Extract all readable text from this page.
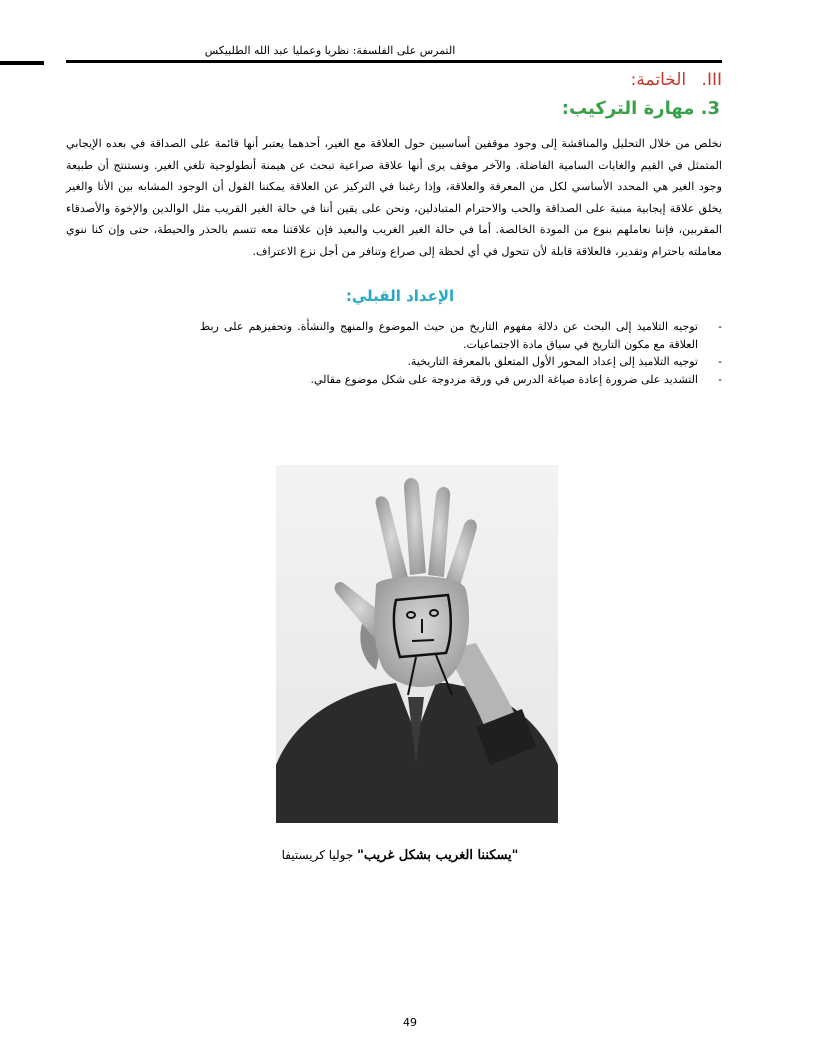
التمرس على الفلسفة: نظريا وعمليا عبد الله الطلبيكس
III. الخاتمة:
3. مهارة التركيب:
نخلص من خلال التحليل والمناقشة إلى وجود موقفين أساسيين حول العلاقة مع الغير، أحدهما يعتبر أنها قائمة على الصداقة في بعده الإيجابي المتمثل في القيم والغايات السامية الفاضلة. والآخر موقف يرى أنها علاقة صراعية تبحث عن هيمنة أنطولوجية تلغي الغير. ونستنتج أن طبيعة وجود الغير هي المحدد الأساسي لكل من المعرفة والعلاقة، وإذا رغبنا في التركيز عن العلاقة يمكننا القول أن الوجود المشابه بين الأنا والغير يخلق علاقة إيجابية مبنية على الصداقة والحب والاحترام المتبادلين، ونحن على يقين أننا في حالة الغير القريب مثل الوالدين والإخوة والأصدقاء المقربين، فإننا نعاملهم بنوع من المودة الخالصة. أما في حالة الغير الغريب والبعيد فإن علاقتنا معه تتسم بالحذر والحيطة، حتى وإن كنا ننوي معاملته باحترام وتقدير، فالعلاقة قابلة لأن تتحول في أي لحظة إلى صراع وتنافر من أجل نزع الاعتراف.
الإعداد القبلي:
-
توجيه التلاميذ إلى البحث عن دلالة مفهوم التاريخ من حيث الموضوع والمنهج والنشأة. وتحفيزهم على ربط العلاقة مع مكون التاريخ في سياق مادة الاجتماعيات.
-
توجيه التلاميذ إلى إعداد المحور الأول المتعلق بالمعرفة التاريخية.
-
التشديد على ضرورة إعادة صياغة الدرس في ورقة مزدوجة على شكل موضوع مقالي.
"يسكننا الغريب بشكل غريب" جوليا كريستيفا
49
